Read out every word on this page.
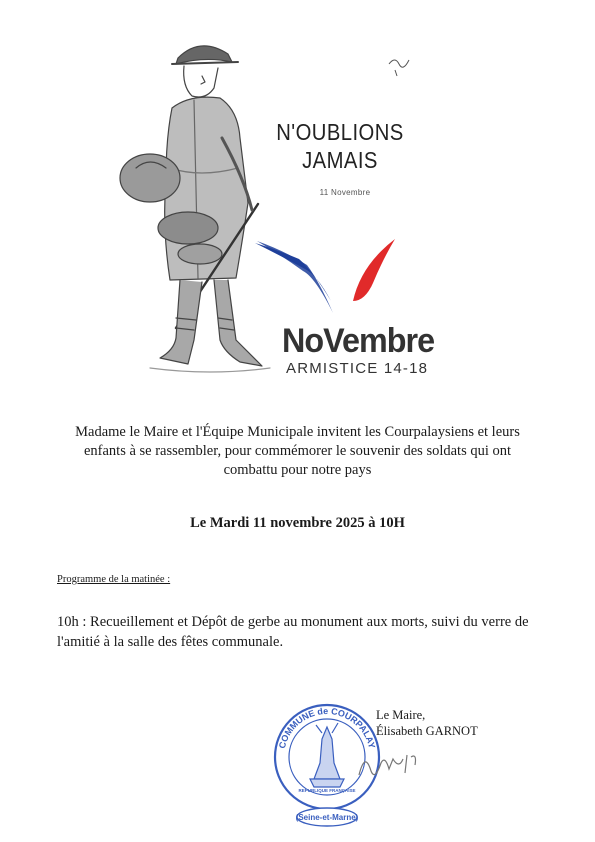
N'OUBLIONS
JAMAIS
11 Novembre
NoVembre
ARMISTICE 14-18
Madame le Maire et l'Équipe Municipale invitent les Courpalaysiens et leurs enfants à se rassembler, pour commémorer le souvenir des soldats qui ont combattu pour notre pays
Le Mardi 11 novembre 2025 à 10H
Programme de la matinée :
10h : Recueillement et Dépôt de gerbe au monument aux morts, suivi du verre de l'amitié à la salle des fêtes communale.
Le Maire,
Élisabeth GARNOT
COMMUNE de COURPALAY
REPUBLIQUE FRANÇAISE
(Seine-et-Marne)
